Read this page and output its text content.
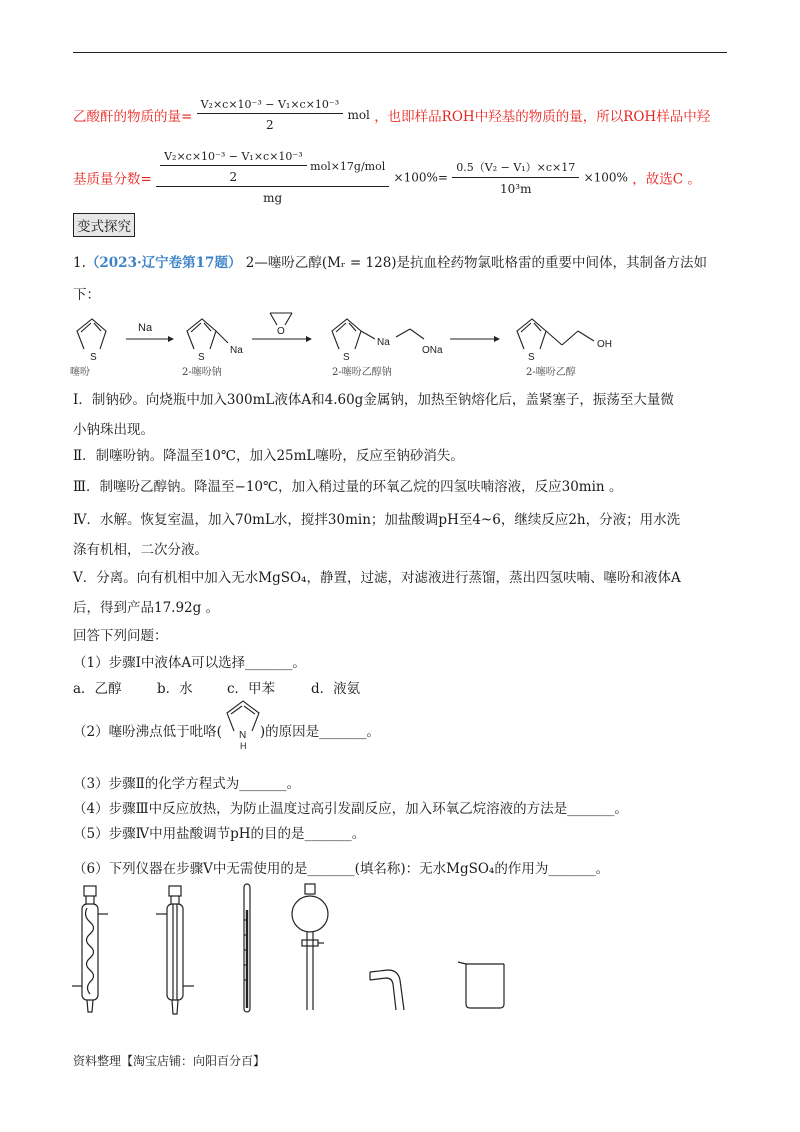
乙酸酐的物质的量= $\frac{\text{V₂×c×10⁻³ − V₁×c×10⁻³}}{2}$ mol ，也即样品ROH中羟基的物质的量，所以ROH样品中羟
基质量分数= $\frac{\frac{\text{V₂×c×10⁻³ − V₁×c×10⁻³}}{2} mol\times 17g/mol}{mg} \times 100\%= \frac{\text{0.5（V₂ − V₁）×c×17}}{\text{10³m}} \times 100\%$ ，故选C 。
变式探究
1.（2023·辽宁卷第17题） 2—噻吩乙醇(Mᵣ = 128)是抗血栓药物氯吡格雷的重要中间体，其制备方法如
下：
S
噻吩
Na
S
Na
2-噻吩钠
O
S
Na
ONa
2-噻吩乙醇钠
S
OH
2-噻吩乙醇
Ⅰ．制钠砂。向烧瓶中加入300mL液体A和4.60g金属钠，加热至钠熔化后，盖紧塞子，振荡至大量微
小钠珠出现。
Ⅱ．制噻吩钠。降温至10℃，加入25mL噻吩，反应至钠砂消失。
Ⅲ．制噻吩乙醇钠。降温至−10℃，加入稍过量的环氧乙烷的四氢呋喃溶液，反应30min 。
Ⅳ．水解。恢复室温，加入70mL水，搅拌30min；加盐酸调pH至4~6，继续反应2h，分液；用水洗
涤有机相，二次分液。
Ⅴ．分离。向有机相中加入无水MgSO₄，静置，过滤，对滤液进行蒸馏，蒸出四氢呋喃、噻吩和液体A
后，得到产品17.92g 。
回答下列问题：
（1）步骤Ⅰ中液体A可以选择_______。
a．乙醇	b．水	c．甲苯	d．液氨
（2）噻吩沸点低于吡咯(	)的原因是_______。
N
H
（3）步骤Ⅱ的化学方程式为_______。
（4）步骤Ⅲ中反应放热，为防止温度过高引发副反应，加入环氧乙烷溶液的方法是_______。
（5）步骤Ⅳ中用盐酸调节pH的目的是_______。
（6）下列仪器在步骤Ⅴ中无需使用的是_______(填名称)：无水MgSO₄的作用为_______。
资料整理【淘宝店铺：向阳百分百】
